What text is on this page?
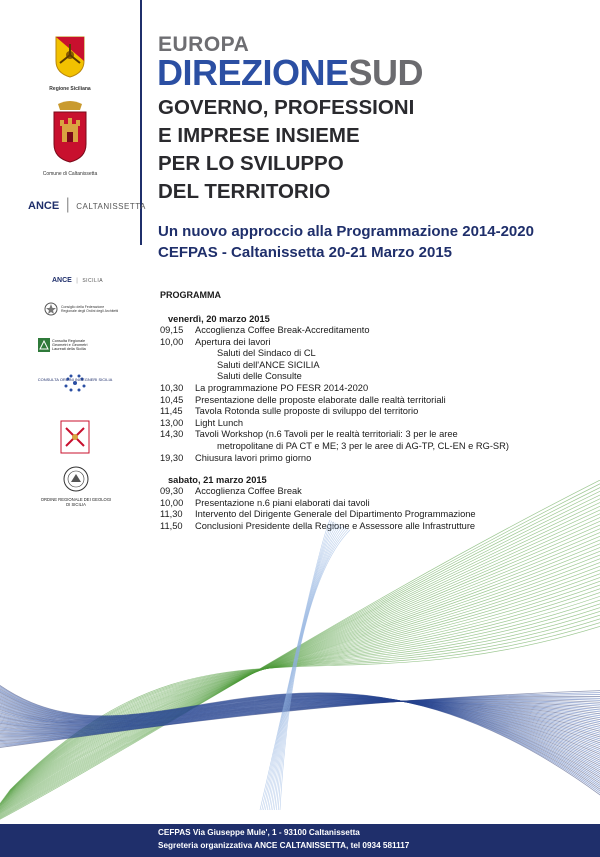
Regione Siciliana
Comune di Caltanissetta
ANCE | CALTANISSETTA
ANCE | SICILIA
Consiglio della Federazione Regionale degli Ordini degli Architetti
Consulta Regionale Geometri e Geometri Laureati della Sicilia
CONSULTA ORDINI INGEGNERI SICILIA
ORDINE REGIONALE DEI GEOLOGI DI SICILIA
EUROPA
DIREZIONESUD
GOVERNO, PROFESSIONI
E IMPRESE INSIEME
PER LO SVILUPPO
DEL TERRITORIO
Un nuovo approccio alla Programmazione 2014-2020
CEFPAS - Caltanissetta 20-21 Marzo 2015
PROGRAMMA
venerdì, 20 marzo 2015
09,15	Accoglienza Coffee Break-Accreditamento
10,00	Apertura dei lavori
Saluti del Sindaco di CL
Saluti dell'ANCE SICILIA
Saluti delle Consulte
10,30	La programmazione PO FESR 2014-2020
10,45	Presentazione delle proposte elaborate dalle realtà territoriali
11,45	Tavola Rotonda sulle proposte di sviluppo del territorio
13,00	Light Lunch
14,30	Tavoli Workshop (n.6 Tavoli per le realtà territoriali: 3 per le aree
metropolitane di PA CT e ME; 3 per le aree di AG-TP, CL-EN e RG-SR)
19,30	Chiusura lavori primo giorno
sabato, 21 marzo 2015
09,30	Accoglienza Coffee Break
10,00	Presentazione n.6 piani elaborati dai tavoli
11,30	Intervento del Dirigente Generale del Dipartimento Programmazione
11,50	Conclusioni Presidente della Regione e Assessore alle Infrastrutture
CEFPAS Via Giuseppe Mule', 1 - 93100 Caltanissetta
Segreteria organizzativa ANCE CALTANISSETTA, tel 0934 581117
